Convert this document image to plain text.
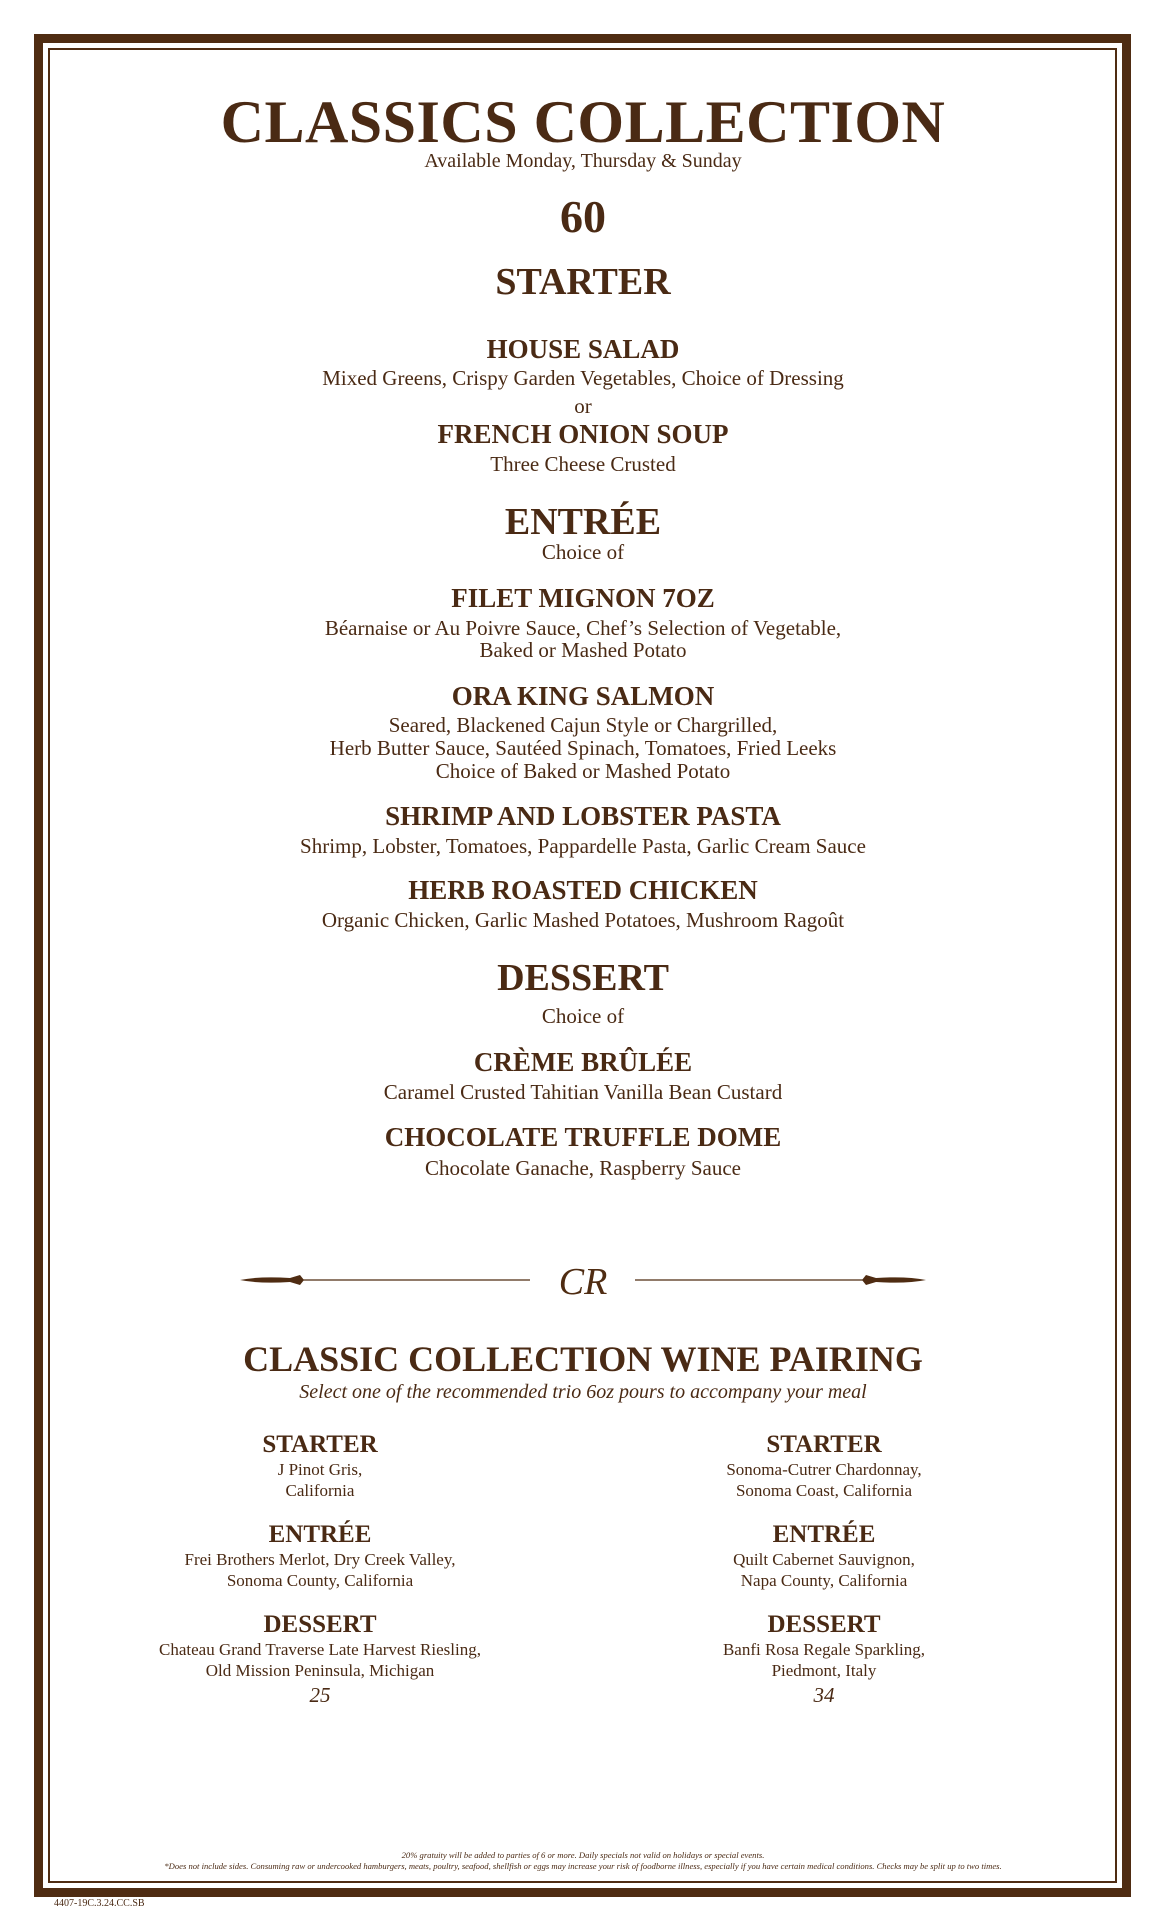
CLASSICS COLLECTION
Available Monday, Thursday & Sunday
60
STARTER
HOUSE SALAD
Mixed Greens, Crispy Garden Vegetables, Choice of Dressing
or
FRENCH ONION SOUP
Three Cheese Crusted
ENTRÉE
Choice of
FILET MIGNON 7OZ
Béarnaise or Au Poivre Sauce, Chef’s Selection of Vegetable,
Baked or Mashed Potato
ORA KING SALMON
Seared, Blackened Cajun Style or Chargrilled,
Herb Butter Sauce, Sautéed Spinach, Tomatoes, Fried Leeks
Choice of Baked or Mashed Potato
SHRIMP AND LOBSTER PASTA
Shrimp, Lobster, Tomatoes, Pappardelle Pasta, Garlic Cream Sauce
HERB ROASTED CHICKEN
Organic Chicken, Garlic Mashed Potatoes, Mushroom Ragoût
DESSERT
Choice of
CRÈME BRÛLÉE
Caramel Crusted Tahitian Vanilla Bean Custard
CHOCOLATE TRUFFLE DOME
Chocolate Ganache, Raspberry Sauce
CR
CLASSIC COLLECTION WINE PAIRING
Select one of the recommended trio 6oz pours to accompany your meal
STARTER
J Pinot Gris,
California
ENTRÉE
Frei Brothers Merlot, Dry Creek Valley,
Sonoma County, California
DESSERT
Chateau Grand Traverse Late Harvest Riesling,
Old Mission Peninsula, Michigan
25
STARTER
Sonoma-Cutrer Chardonnay,
Sonoma Coast, California
ENTRÉE
Quilt Cabernet Sauvignon,
Napa County, California
DESSERT
Banfi Rosa Regale Sparkling,
Piedmont, Italy
34
20% gratuity will be added to parties of 6 or more. Daily specials not valid on holidays or special events.
*Does not include sides. Consuming raw or undercooked hamburgers, meats, poultry, seafood, shellfish or eggs may increase your risk of foodborne illness, especially if you have certain medical conditions. Checks may be split up to two times.
4407-19C.3.24.CC.SB
